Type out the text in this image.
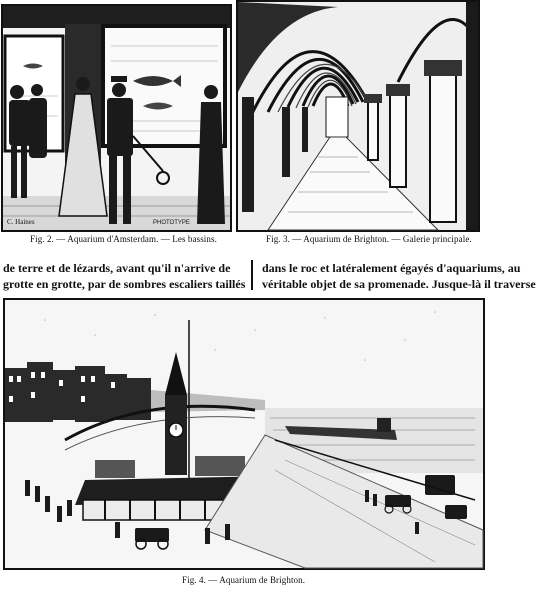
C. Haines	PHOTOTYPE
Fig. 2. — Aquarium d'Amsterdam. — Les bassins.	Fig. 3. — Aquarium de Brighton. — Galerie principale.
de terre et de lézards, avant qu'il n'arrive de
grotte en grotte, par de sombres escaliers taillés
dans le roc et latéralement égayés d'aquariums, au
véritable objet de sa promenade. Jusque-là il traverse
Fig. 4. — Aquarium de Brighton.
